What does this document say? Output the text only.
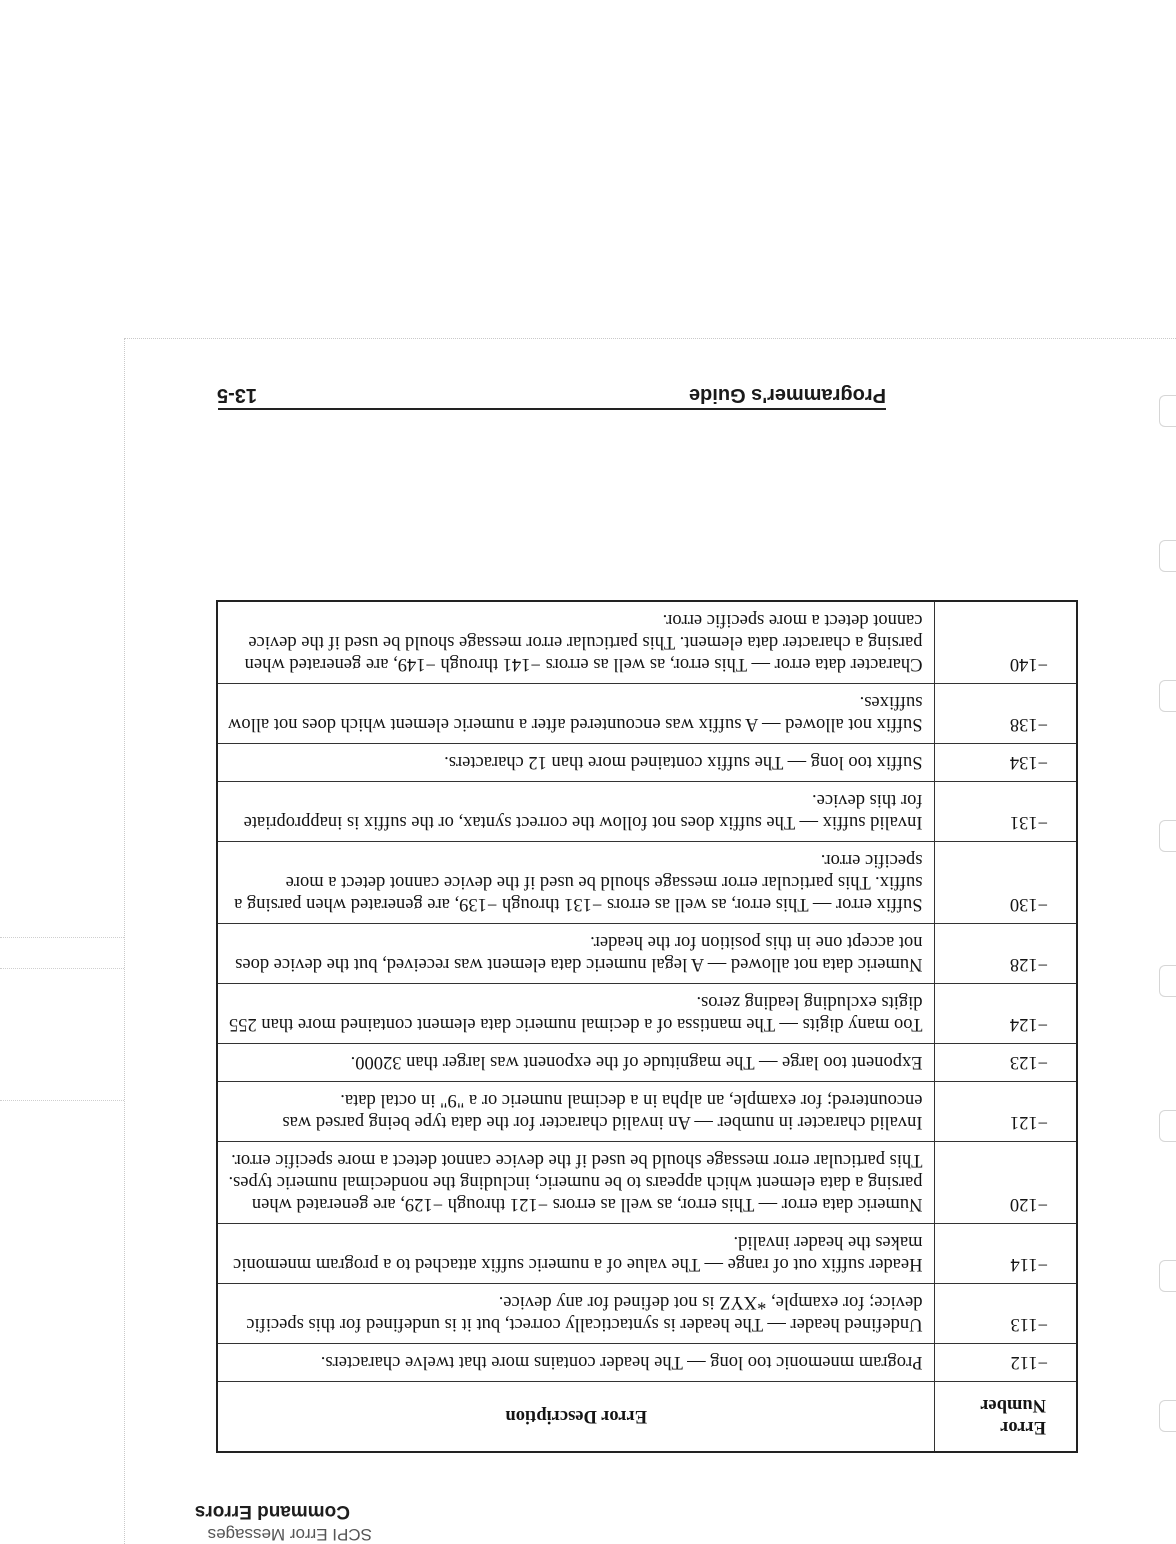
SCPI Error Messages
Command Errors
Error Number	Error Description
−112	Program mnemonic too long — The header contains more that twelve characters.
−113	Undefined header — The header is syntactically correct, but it is undefined for this specific device; for example, *XYZ is not defined for any device.
−114	Header suffix out of range — The value of a numeric suffix attached to a program mnemonic makes the header invalid.
−120	Numeric data error — This error, as well as errors −121 through −129, are generated when parsing a data element which appears to be numeric, including the nondecimal numeric types. This particular error message should be used if the device cannot detect a more specific error.
−121	Invalid character in number — An invalid character for the data type being parsed was encountered; for example, an alpha in a decimal numeric or a "9" in octal data.
−123	Exponent too large — The magnitude of the exponent was larger than 32000.
−124	Too many digits — The mantissa of a decimal numeric data element contained more than 255 digits excluding leading zeros.
−128	Numeric data not allowed — A legal numeric data element was received, but the device does not accept one in this position for the header.
−130	Suffix error — This error, as well as errors −131 through −139, are generated when parsing a suffix. This particular error message should be used if the device cannot detect a more specific error.
−131	Invalid suffix — The suffix does not follow the correct syntax, or the suffix is inappropriate for this device.
−134	Suffix too long — The suffix contained more than 12 characters.
−138	Suffix not allowed — A suffix was encountered after a numeric element which does not allow suffixes.
−140	Character data error — This error, as well as errors −141 through −149, are generated when parsing a character data element. This particular error message should be used if the device cannot detect a more specific error.
Programmer's Guide
13-5
